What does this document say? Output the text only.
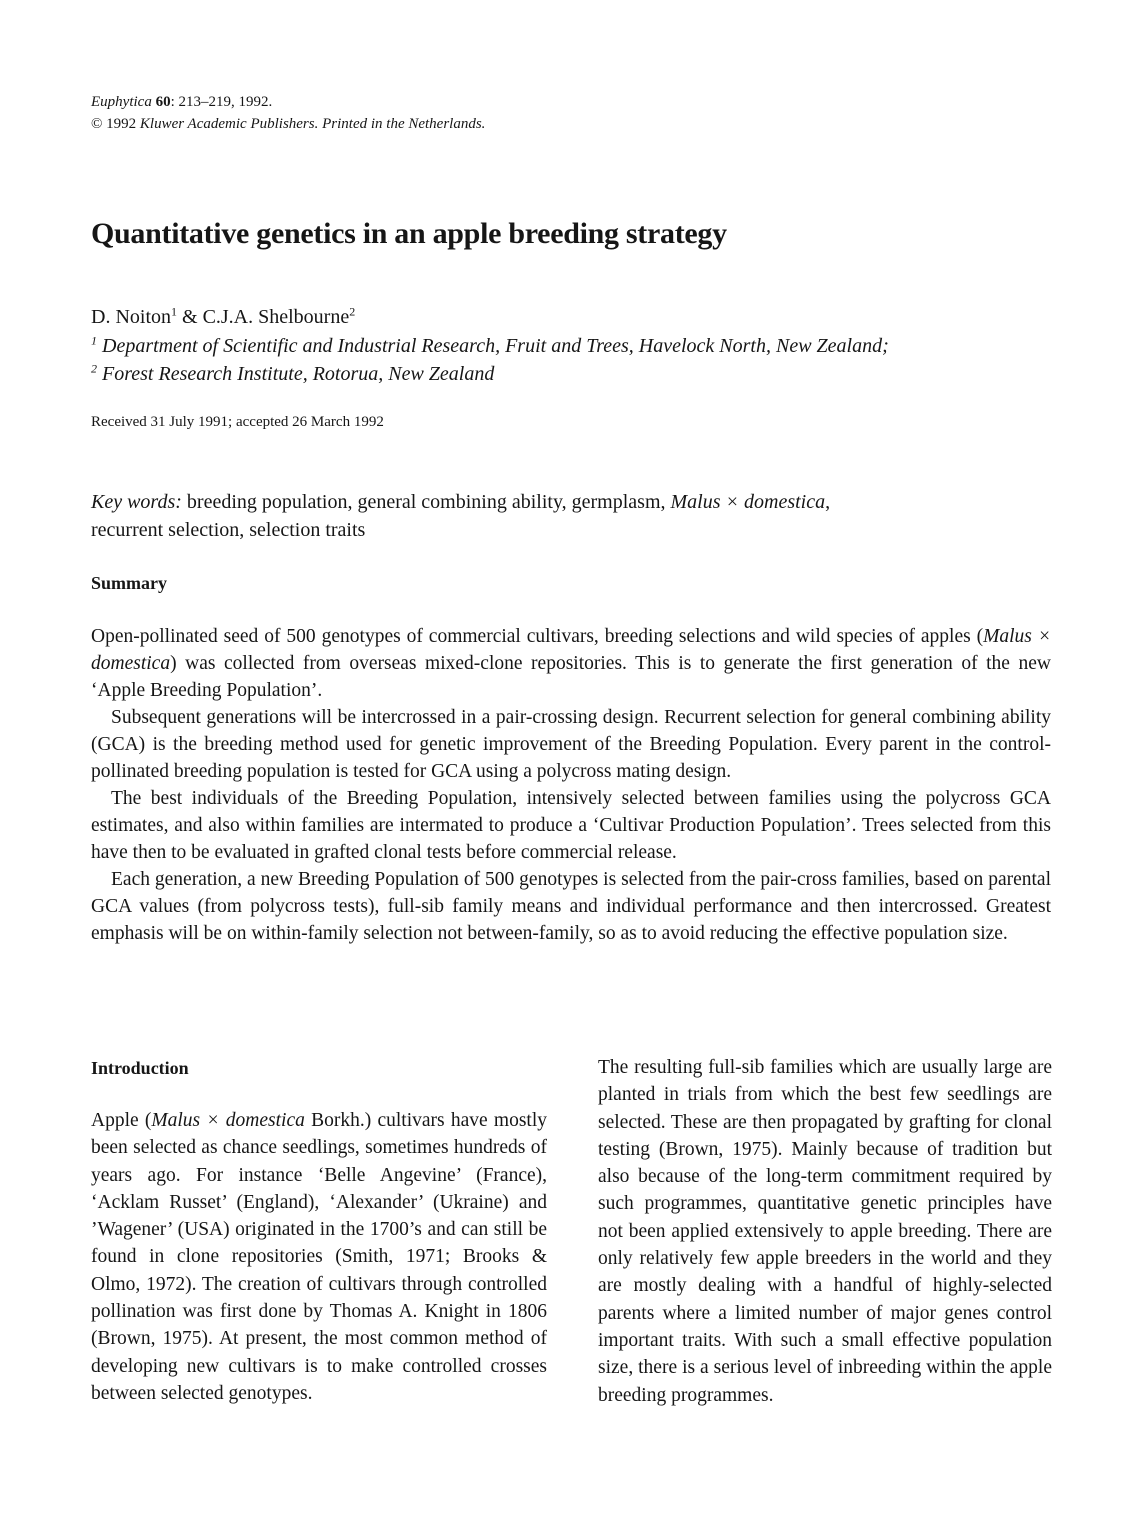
Euphytica 60: 213–219, 1992.
© 1992 Kluwer Academic Publishers. Printed in the Netherlands.
Quantitative genetics in an apple breeding strategy
D. Noiton$^1$ & C.J.A. Shelbourne$^2$
$^1$ Department of Scientific and Industrial Research, Fruit and Trees, Havelock North, New Zealand;
$^2$ Forest Research Institute, Rotorua, New Zealand
Received 31 July 1991; accepted 26 March 1992
Key words: breeding population, general combining ability, germplasm, Malus × domestica,
recurrent selection, selection traits
Summary

Open-pollinated seed of 500 genotypes of commercial cultivars, breeding selections and wild species of apples (Malus × domestica) was collected from overseas mixed-clone repositories. This is to generate the first generation of the new ‘Apple Breeding Population’.

Subsequent generations will be intercrossed in a pair-crossing design. Recurrent selection for general combining ability (GCA) is the breeding method used for genetic improvement of the Breeding Population. Every parent in the control-pollinated breeding population is tested for GCA using a polycross mating design.

The best individuals of the Breeding Population, intensively selected between families using the polycross GCA estimates, and also within families are intermated to produce a ‘Cultivar Production Population’. Trees selected from this have then to be evaluated in grafted clonal tests before commercial release.

Each generation, a new Breeding Population of 500 genotypes is selected from the pair-cross families, based on parental GCA values (from polycross tests), full-sib family means and individual performance and then intercrossed. Greatest emphasis will be on within-family selection not between-family, so as to avoid reducing the effective population size.

Introduction

Apple (Malus × domestica Borkh.) cultivars have mostly been selected as chance seedlings, sometimes hundreds of years ago. For instance ‘Belle Angevine’ (France), ‘Acklam Russet’ (England), ‘Alexander’ (Ukraine) and ’Wagener’ (USA) originated in the 1700’s and can still be found in clone repositories (Smith, 1971; Brooks & Olmo, 1972). The creation of cultivars through controlled pollination was first done by Thomas A. Knight in 1806 (Brown, 1975). At present, the most common method of developing new cultivars is to make controlled crosses between selected genotypes.

The resulting full-sib families which are usually large are planted in trials from which the best few seedlings are selected. These are then propagated by grafting for clonal testing (Brown, 1975). Mainly because of tradition but also because of the long-term commitment required by such programmes, quantitative genetic principles have not been applied extensively to apple breeding. There are only relatively few apple breeders in the world and they are mostly dealing with a handful of highly-selected parents where a limited number of major genes control important traits. With such a small effective population size, there is a serious level of inbreeding within the apple breeding programmes.
